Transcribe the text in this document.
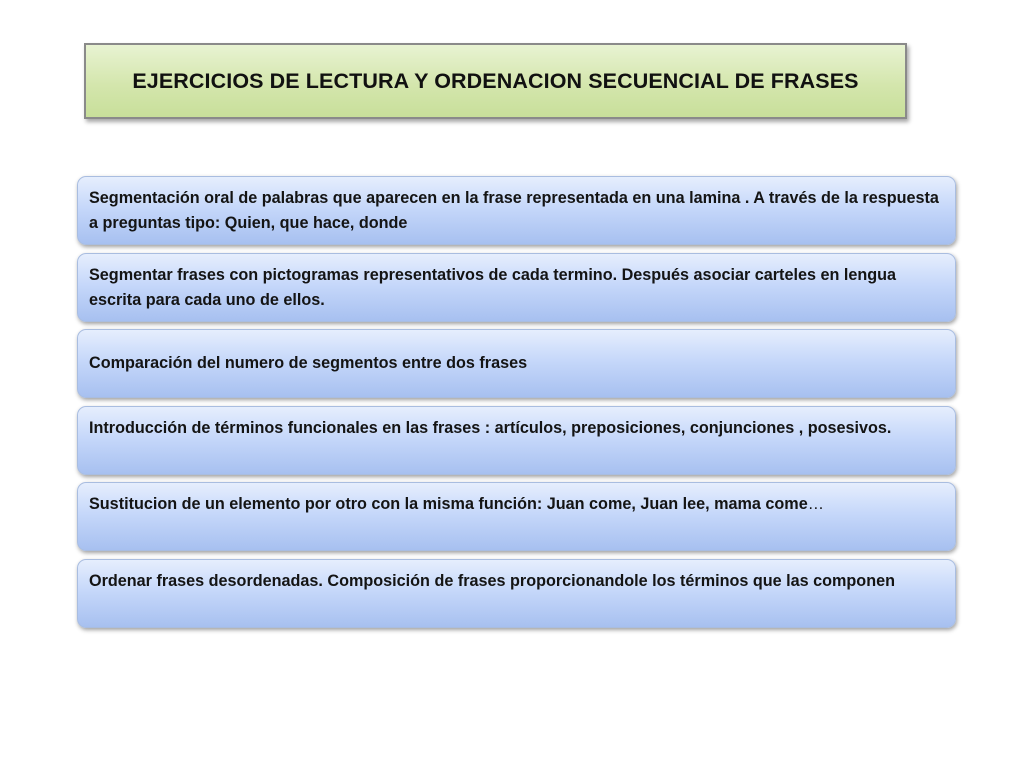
EJERCICIOS DE LECTURA Y ORDENACION SECUENCIAL DE FRASES
Segmentación oral de palabras que aparecen en la frase representada en una lamina . A través de la respuesta a preguntas tipo: Quien, que hace, donde
Segmentar frases con pictogramas representativos de cada termino. Después asociar carteles en lengua escrita para cada uno de ellos.
Comparación del numero de segmentos entre dos frases
Introducción de términos funcionales en las frases : artículos, preposiciones, conjunciones , posesivos.
Sustitucion de un elemento por otro con la misma función: Juan come, Juan lee, mama come…
Ordenar frases desordenadas. Composición de frases proporcionandole los términos que las componen
